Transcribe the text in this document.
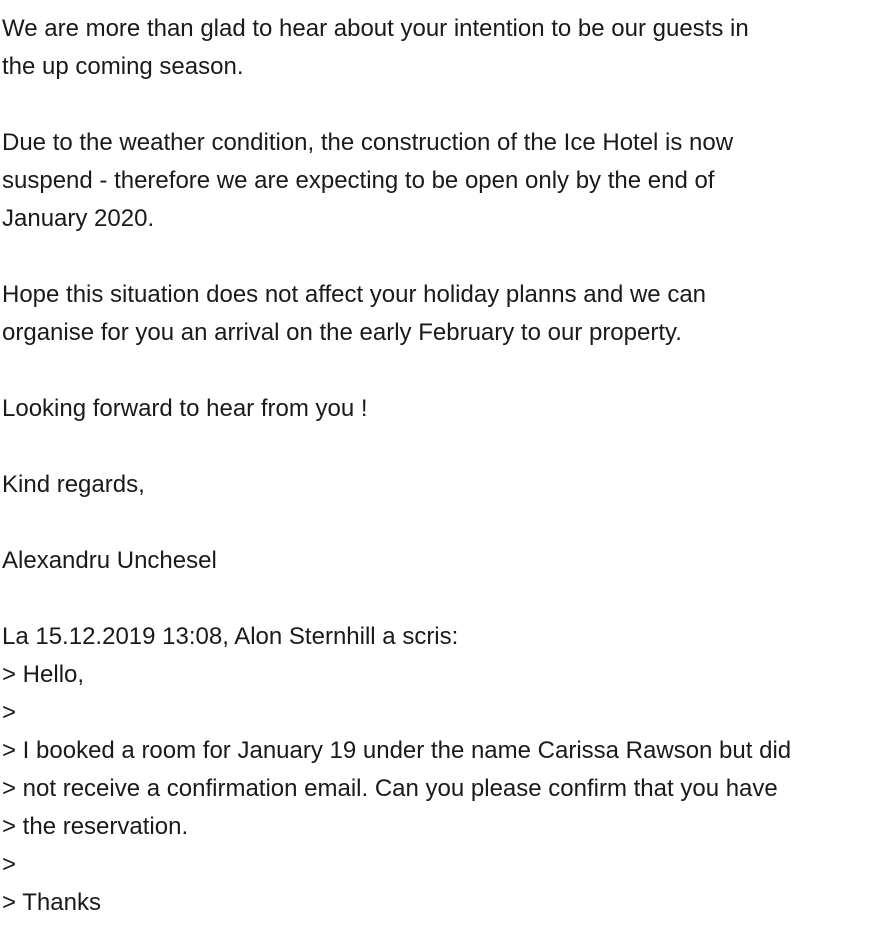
We are more than glad to hear about your intention to be our guests in
the up coming season.
Due to the weather condition, the construction of the Ice Hotel is now
suspend - therefore we are expecting to be open only by the end of
January 2020.
Hope this situation does not affect your holiday planns and we can
organise for you an arrival on the early February to our property.
Looking forward to hear from you !
Kind regards,
Alexandru Unchesel
La 15.12.2019 13:08, Alon Sternhill a scris:
> Hello,
>
> I booked a room for January 19 under the name Carissa Rawson but did
> not receive a confirmation email. Can you please confirm that you have
> the reservation.
>
> Thanks
